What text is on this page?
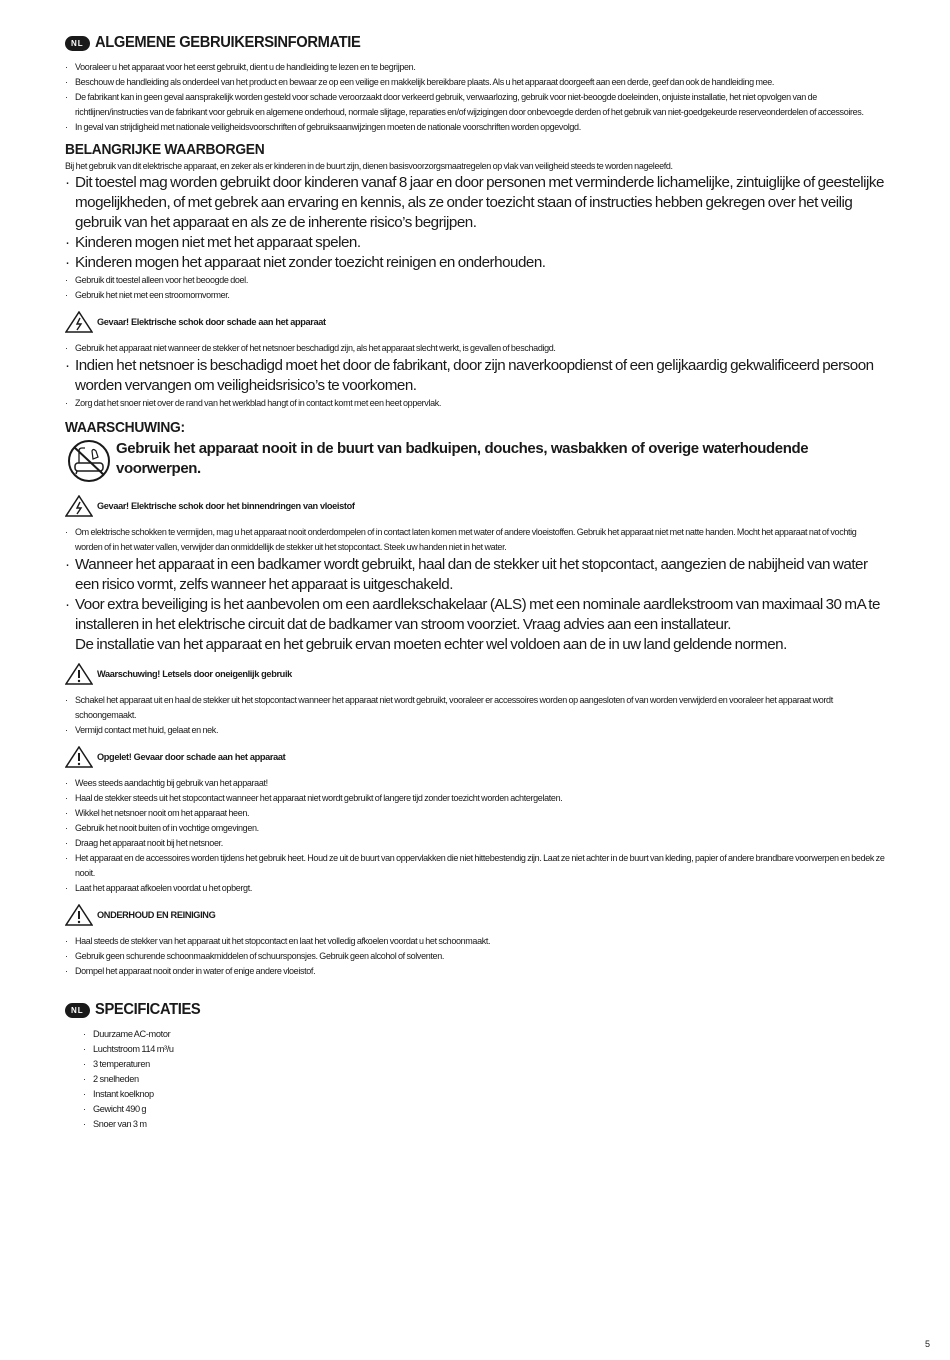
NL ALGEMENE GEBRUIKERSINFORMATIE
· Vooraleer u het apparaat voor het eerst gebruikt, dient u de handleiding te lezen en te begrijpen.
· Beschouw de handleiding als onderdeel van het product en bewaar ze op een veilige en makkelijk bereikbare plaats. Als u het apparaat doorgeeft aan een derde, geef dan ook de handleiding mee.
· De fabrikant kan in geen geval aansprakelijk worden gesteld voor schade veroorzaakt door verkeerd gebruik, verwaarlozing, gebruik voor niet-beoogde doeleinden, onjuiste installatie, het niet opvolgen van de richtlijnen/instructies van de fabrikant voor gebruik en algemene onderhoud, normale slijtage, reparaties en/of wijzigingen door onbevoegde derden of het gebruik van niet-goedgekeurde reserveonderdelen of accessoires.
· In geval van strijdigheid met nationale veiligheidsvoorschriften of gebruiksaanwijzingen moeten de nationale voorschriften worden opgevolgd.
BELANGRIJKE WAARBORGEN

Bij het gebruik van dit elektrische apparaat, en zeker als er kinderen in de buurt zijn, dienen basisvoorzorgsmaatregelen op vlak van veiligheid steeds te worden nageleefd.

· Dit toestel mag worden gebruikt door kinderen vanaf 8 jaar en door personen met verminderde lichamelijke, zintuiglijke of geestelijke mogelijkheden, of met gebrek aan ervaring en kennis, als ze onder toezicht staan of instructies hebben gekregen over het veilig gebruik van het apparaat en als ze de inherente risico’s begrijpen.
· Kinderen mogen niet met het apparaat spelen.
· Kinderen mogen het apparaat niet zonder toezicht reinigen en onderhouden.
· Gebruik dit toestel alleen voor het beoogde doel.
· Gebruik het niet met een stroomomvormer.
Gevaar! Elektrische schok door schade aan het apparaat
· Gebruik het apparaat niet wanneer de stekker of het netsnoer beschadigd zijn, als het apparaat slecht werkt, is gevallen of beschadigd.
· Indien het netsnoer is beschadigd moet het door de fabrikant, door zijn naverkoopdienst of een gelijkaardig gekwalificeerd persoon worden vervangen om veiligheidsrisico’s te voorkomen.
· Zorg dat het snoer niet over de rand van het werkblad hangt of in contact komt met een heet oppervlak.
WAARSCHUWING:
Gebruik het apparaat nooit in de buurt van badkuipen, douches, wasbakken of overige waterhoudende voorwerpen.
Gevaar! Elektrische schok door het binnendringen van vloeistof
· Om elektrische schokken te vermijden, mag u het apparaat nooit onderdompelen of in contact laten komen met water of andere vloeistoffen. Gebruik het apparaat niet met natte handen. Mocht het apparaat nat of vochtig worden of in het water vallen, verwijder dan onmiddellijk de stekker uit het stopcontact. Steek uw handen niet in het water.
· Wanneer het apparaat in een badkamer wordt gebruikt, haal dan de stekker uit het stopcontact, aangezien de nabijheid van water een risico vormt, zelfs wanneer het apparaat is uitgeschakeld.
· Voor extra beveiliging is het aanbevolen om een aardlekschakelaar (ALS) met een nominale aardlekstroom van maximaal 30 mA te installeren in het elektrische circuit dat de badkamer van stroom voorziet. Vraag advies aan een installateur.
De installatie van het apparaat en het gebruik ervan moeten echter wel voldoen aan de in uw land geldende normen.
Waarschuwing! Letsels door oneigenlijk gebruik
· Schakel het apparaat uit en haal de stekker uit het stopcontact wanneer het apparaat niet wordt gebruikt, vooraleer er accessoires worden op aangesloten of van worden verwijderd en vooraleer het apparaat wordt schoongemaakt.
· Vermijd contact met huid, gelaat en nek.
Opgelet! Gevaar door schade aan het apparaat
· Wees steeds aandachtig bij gebruik van het apparaat!
· Haal de stekker steeds uit het stopcontact wanneer het apparaat niet wordt gebruikt of langere tijd zonder toezicht worden achtergelaten.
· Wikkel het netsnoer nooit om het apparaat heen.
· Gebruik het nooit buiten of in vochtige omgevingen.
· Draag het apparaat nooit bij het netsnoer.
· Het apparaat en de accessoires worden tijdens het gebruik heet. Houd ze uit de buurt van oppervlakken die niet hittebestendig zijn. Laat ze niet achter in de buurt van kleding, papier of andere brandbare voorwerpen en bedek ze nooit.
· Laat het apparaat afkoelen voordat u het opbergt.
ONDERHOUD EN REINIGING
· Haal steeds de stekker van het apparaat uit het stopcontact en laat het volledig afkoelen voordat u het schoonmaakt.
· Gebruik geen schurende schoonmaakmiddelen of schuursponsjes. Gebruik geen alcohol of solventen.
· Dompel het apparaat nooit onder in water of enige andere vloeistof.
NL SPECIFICATIES
· Duurzame AC-motor
· Luchtstroom 114 m³/u
· 3 temperaturen
· 2 snelheden
· Instant koelknop
· Gewicht 490 g
· Snoer van 3 m
5
